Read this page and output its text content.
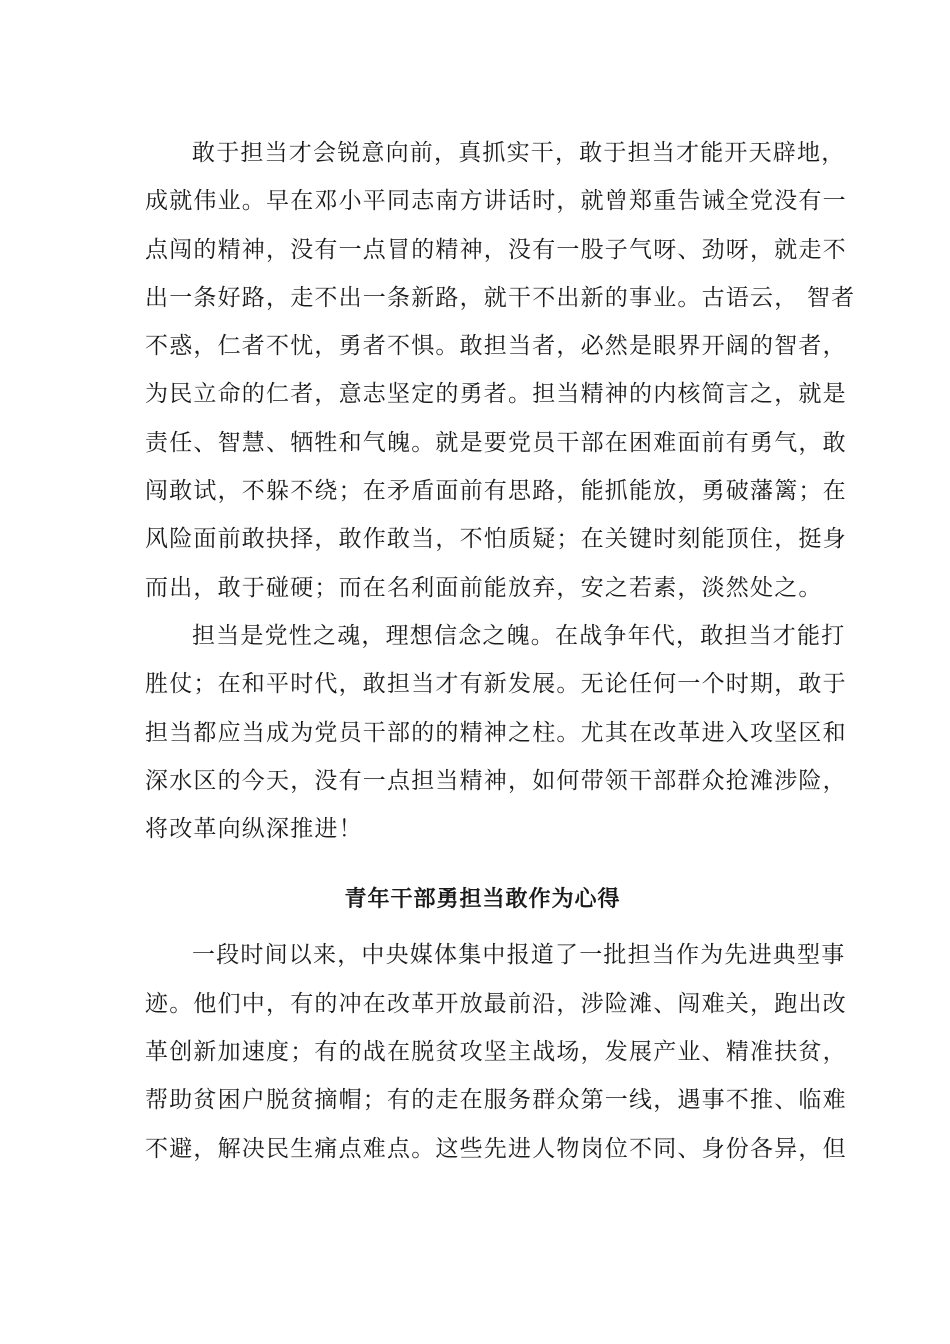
敢于担当才会锐意向前，真抓实干，敢于担当才能开天辟地，
成就伟业。早在邓小平同志南方讲话时，就曾郑重告诫全党没有一
点闯的精神，没有一点冒的精神，没有一股子气呀、劲呀，就走不
出一条好路，走不出一条新路，就干不出新的事业。古语云， 智者
不惑，仁者不忧，勇者不惧。敢担当者，必然是眼界开阔的智者，
为民立命的仁者，意志坚定的勇者。担当精神的内核简言之，就是
责任、智慧、牺牲和气魄。就是要党员干部在困难面前有勇气，敢
闯敢试，不躲不绕；在矛盾面前有思路，能抓能放，勇破藩篱；在
风险面前敢抉择，敢作敢当，不怕质疑；在关键时刻能顶住，挺身
而出，敢于碰硬；而在名利面前能放弃，安之若素，淡然处之。
担当是党性之魂，理想信念之魄。在战争年代，敢担当才能打
胜仗；在和平时代，敢担当才有新发展。无论任何一个时期，敢于
担当都应当成为党员干部的的精神之柱。尤其在改革进入攻坚区和
深水区的今天，没有一点担当精神，如何带领干部群众抢滩涉险，
将改革向纵深推进！
青年干部勇担当敢作为心得
一段时间以来，中央媒体集中报道了一批担当作为先进典型事
迹。他们中，有的冲在改革开放最前沿，涉险滩、闯难关，跑出改
革创新加速度；有的战在脱贫攻坚主战场，发展产业、精准扶贫，
帮助贫困户脱贫摘帽；有的走在服务群众第一线，遇事不推、临难
不避，解决民生痛点难点。这些先进人物岗位不同、身份各异，但
